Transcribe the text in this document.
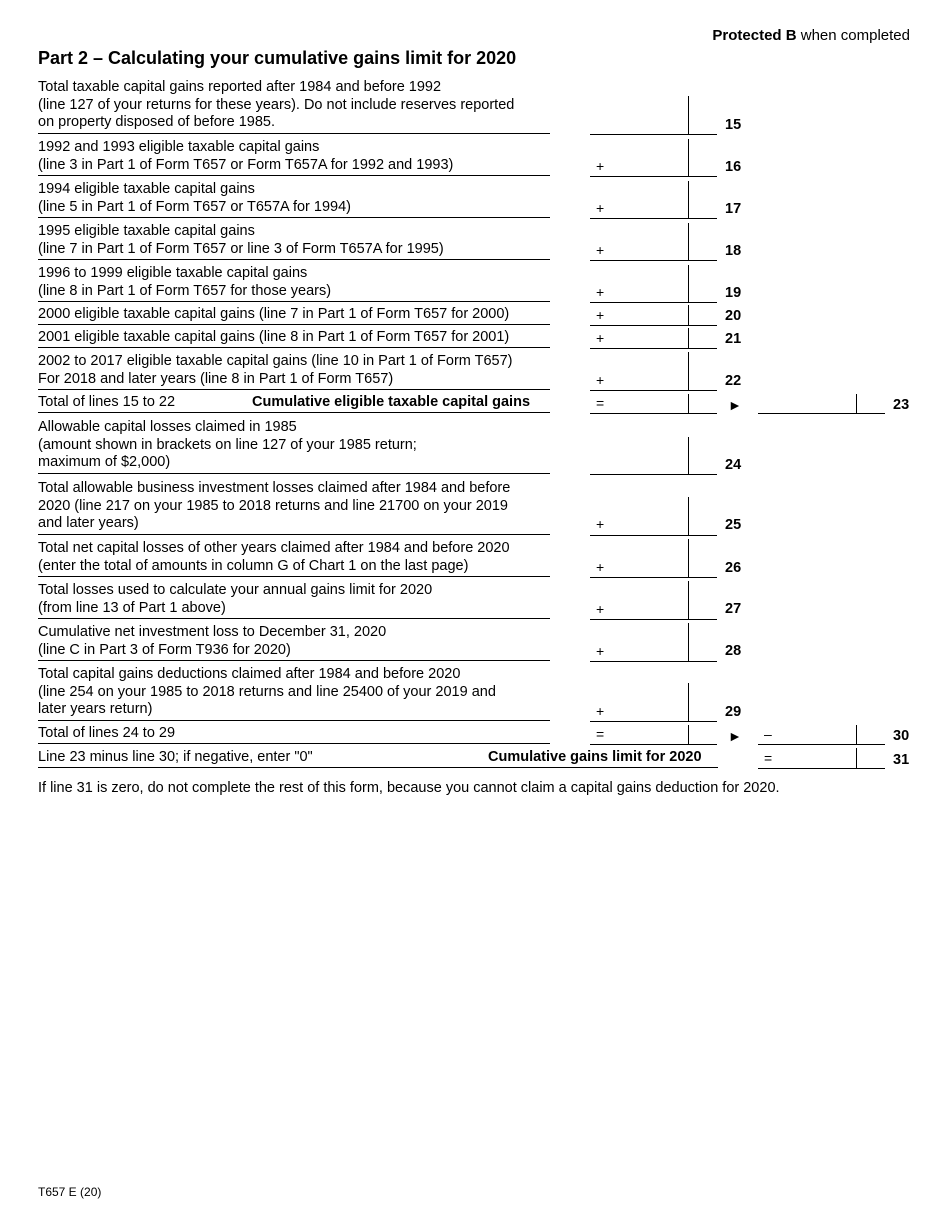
Protected B when completed
Part 2 – Calculating your cumulative gains limit for 2020
Total taxable capital gains reported after 1984 and before 1992
(line 127 of your returns for these years). Do not include reserves reported
on property disposed of before 1985.	15
1992 and 1993 eligible taxable capital gains
(line 3 in Part 1 of Form T657 or Form T657A for 1992 and 1993)	+	16
1994 eligible taxable capital gains
(line 5 in Part 1 of Form T657 or T657A for 1994)	+	17
1995 eligible taxable capital gains
(line 7 in Part 1 of Form T657 or line 3 of Form T657A for 1995)	+	18
1996 to 1999 eligible taxable capital gains
(line 8 in Part 1 of Form T657 for those years)	+	19
2000 eligible taxable capital gains (line 7 in Part 1 of Form T657 for 2000)	+	20
2001 eligible taxable capital gains (line 8 in Part 1 of Form T657 for 2001)	+	21
2002 to 2017 eligible taxable capital gains (line 10 in Part 1 of Form T657)
For 2018 and later years (line 8 in Part 1 of Form T657)	+	22
Total of lines 15 to 22	Cumulative eligible taxable capital gains	=	►	23
Allowable capital losses claimed in 1985
(amount shown in brackets on line 127 of your 1985 return;
maximum of $2,000)	24
Total allowable business investment losses claimed after 1984 and before
2020 (line 217 on your 1985 to 2018 returns and line 21700 on your 2019
and later years)	+	25
Total net capital losses of other years claimed after 1984 and before 2020
(enter the total of amounts in column G of Chart 1 on the last page)	+	26
Total losses used to calculate your annual gains limit for 2020
(from line 13 of Part 1 above)	+	27
Cumulative net investment loss to December 31, 2020
(line C in Part 3 of Form T936 for 2020)	+	28
Total capital gains deductions claimed after 1984 and before 2020
(line 254 on your 1985 to 2018 returns and line 25400 of your 2019 and
later years return)	+	29
Total of lines 24 to 29	=	► –	30
Line 23 minus line 30; if negative, enter "0"	Cumulative gains limit for 2020	=	31
If line 31 is zero, do not complete the rest of this form, because you cannot claim a capital gains deduction for 2020.
T657 E (20)
